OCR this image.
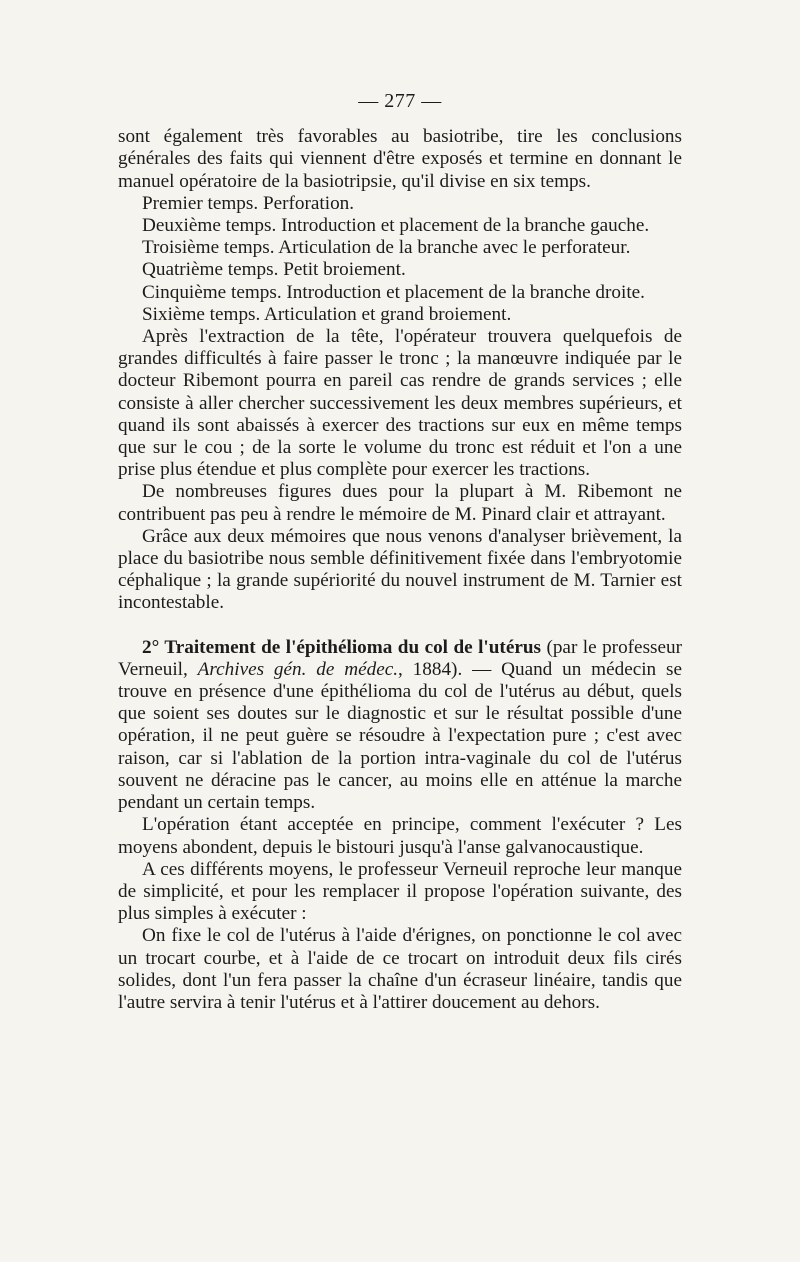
— 277 —

sont également très favorables au basiotribe, tire les conclusions générales des faits qui viennent d'être exposés et termine en donnant le manuel opératoire de la basiotripsie, qu'il divise en six temps.

Premier temps. Perforation.

Deuxième temps. Introduction et placement de la branche gauche.

Troisième temps. Articulation de la branche avec le perforateur.

Quatrième temps. Petit broiement.

Cinquième temps. Introduction et placement de la branche droite.

Sixième temps. Articulation et grand broiement.

Après l'extraction de la tête, l'opérateur trouvera quelquefois de grandes difficultés à faire passer le tronc ; la manœuvre indiquée par le docteur Ribemont pourra en pareil cas rendre de grands services ; elle consiste à aller chercher successivement les deux membres supérieurs, et quand ils sont abaissés à exercer des tractions sur eux en même temps que sur le cou ; de la sorte le volume du tronc est réduit et l'on a une prise plus étendue et plus complète pour exercer les tractions.

De nombreuses figures dues pour la plupart à M. Ribemont ne contribuent pas peu à rendre le mémoire de M. Pinard clair et attrayant.

Grâce aux deux mémoires que nous venons d'analyser brièvement, la place du basiotribe nous semble définitivement fixée dans l'embryotomie céphalique ; la grande supériorité du nouvel instrument de M. Tarnier est incontestable.

2° Traitement de l'épithélioma du col de l'utérus (par le professeur Verneuil, Archives gén. de médec., 1884). — Quand un médecin se trouve en présence d'une épithélioma du col de l'utérus au début, quels que soient ses doutes sur le diagnostic et sur le résultat possible d'une opération, il ne peut guère se résoudre à l'expectation pure ; c'est avec raison, car si l'ablation de la portion intra-vaginale du col de l'utérus souvent ne déracine pas le cancer, au moins elle en atténue la marche pendant un certain temps.

L'opération étant acceptée en principe, comment l'exécuter ? Les moyens abondent, depuis le bistouri jusqu'à l'anse galvanocaustique.

A ces différents moyens, le professeur Verneuil reproche leur manque de simplicité, et pour les remplacer il propose l'opération suivante, des plus simples à exécuter :

On fixe le col de l'utérus à l'aide d'érignes, on ponctionne le col avec un trocart courbe, et à l'aide de ce trocart on introduit deux fils cirés solides, dont l'un fera passer la chaîne d'un écraseur linéaire, tandis que l'autre servira à tenir l'utérus et à l'attirer doucement au dehors.
